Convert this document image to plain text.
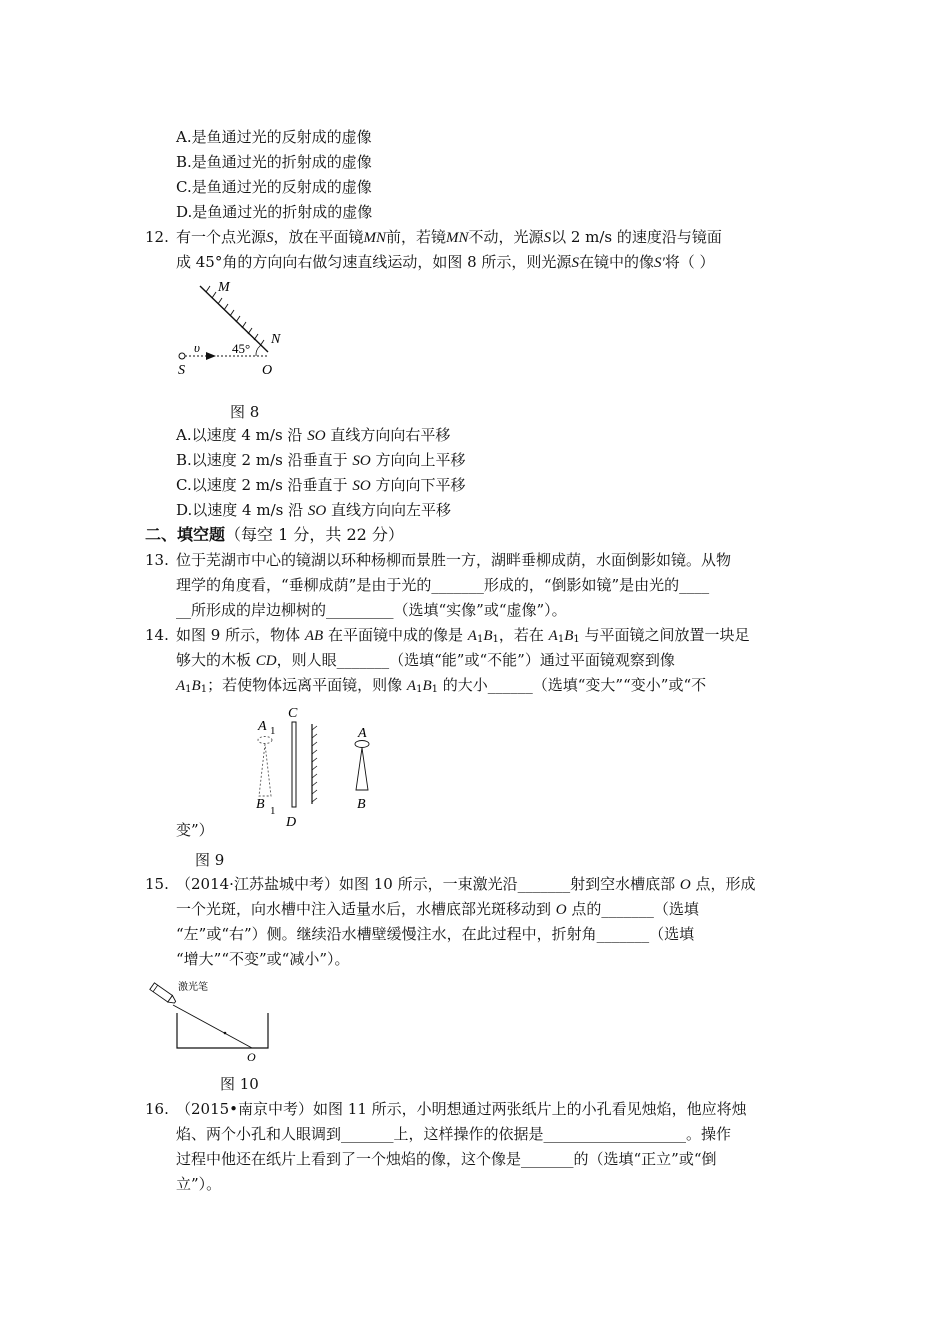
A.是鱼通过光的反射成的虚像
B.是鱼通过光的折射成的虚像
C.是鱼通过光的反射成的虚像
D.是鱼通过光的折射成的虚像
12. 有一个点光源S，放在平面镜MN前，若镜MN不动，光源S以 2 m/s 的速度沿与镜面
成 45°角的方向向右做匀速直线运动，如图 8 所示，则光源S在镜中的像S′将（ ）
M
N
υ 45°
S	O
图 8
A.以速度 4 m/s 沿 SO 直线方向向右平移
B.以速度 2 m/s 沿垂直于 SO 方向向上平移
C.以速度 2 m/s 沿垂直于 SO 方向向下平移
D.以速度 4 m/s 沿 SO 直线方向向左平移
二、填空题（每空 1 分，共 22 分）
13. 位于芜湖市中心的镜湖以环种杨柳而景胜一方，湖畔垂柳成荫，水面倒影如镜。从物
理学的角度看，“垂柳成荫”是由于光的_______形成的，“倒影如镜”是由光的____
__所形成的岸边柳树的_________（选填“实像”或“虚像”）。
14. 如图 9 所示，物体 AB 在平面镜中成的像是 $A_1B_1$，若在 $A_1B_1$ 与平面镜之间放置一块足
够大的木板 CD，则人眼_______（选填“能”或“不能”）通过平面镜观察到像
$A_1B_1$；若使物体远离平面镜，则像 $A_1B_1$ 的大小______（选填“变大”“变小”或“不
A 1
B 1
C
D
A
B
变”）
图 9
15. （2014·江苏盐城中考）如图 10 所示，一束激光沿_______射到空水槽底部 O 点，形成
一个光斑，向水槽中注入适量水后，水槽底部光斑移动到 O 点的_______（选填
“左”或“右”）侧。继续沿水槽壁缓慢注水，在此过程中，折射角_______（选填
“增大”“不变”或“减小”）。
激光笔
O
图 10
16. （2015•南京中考）如图 11 所示，小明想通过两张纸片上的小孔看见烛焰，他应将烛
焰、两个小孔和人眼调到_______上，这样操作的依据是___________________。操作
过程中他还在纸片上看到了一个烛焰的像，这个像是_______的（选填“正立”或“倒
立”）。
